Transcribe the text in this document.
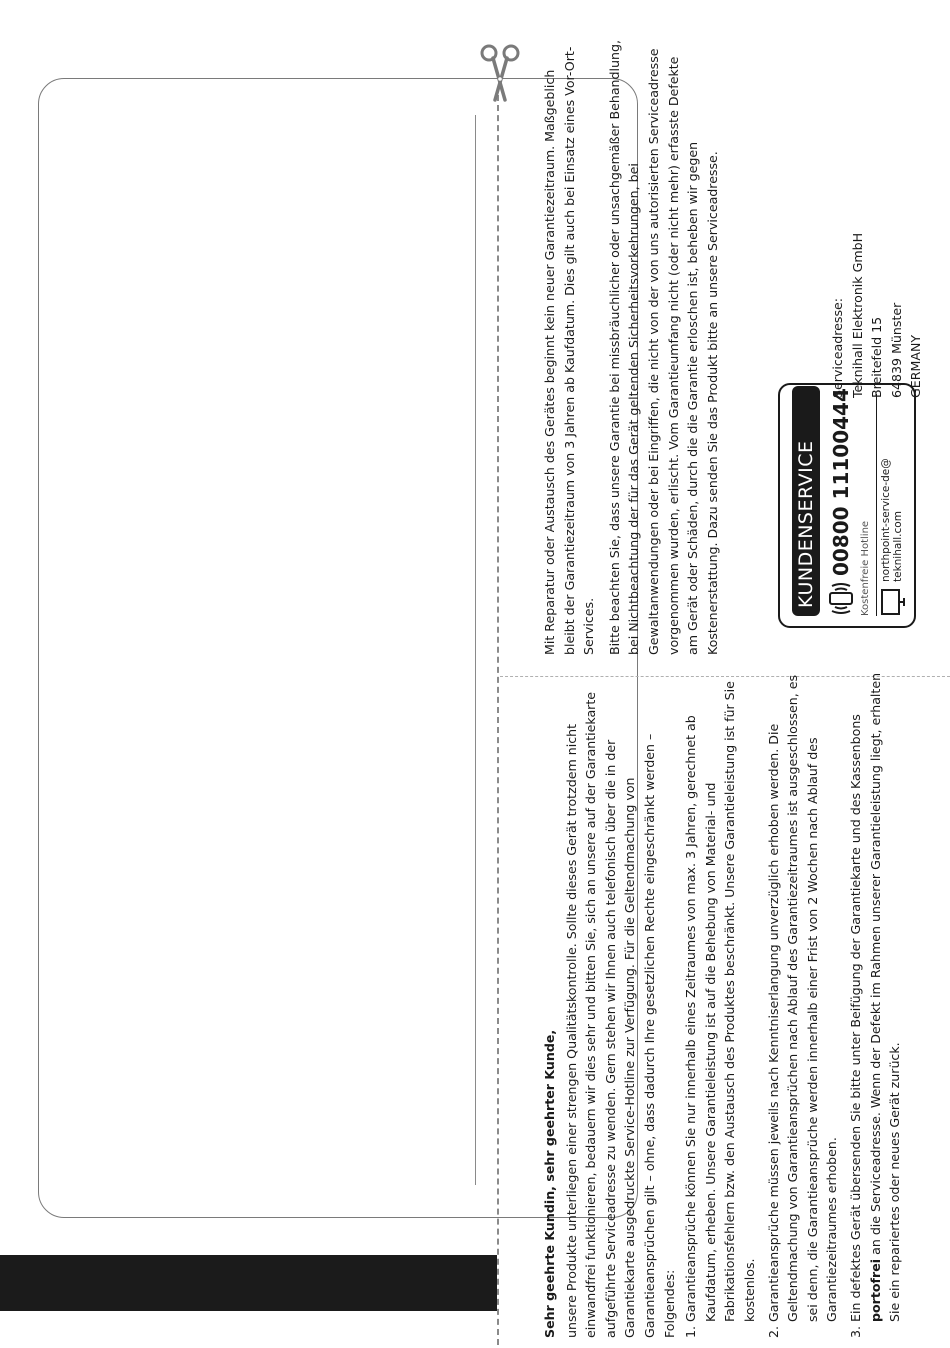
Sehr geehrte Kundin, sehr geehrter Kunde, unsere Produkte unterliegen einer strengen Qualitätskontrolle. Sollte dieses Gerät trotzdem nicht einwandfrei funktionieren, bedauern wir dies sehr und bitten Sie, sich an unsere auf der Garantiekarte aufgeführte Serviceadresse zu wenden. Gern stehen wir Ihnen auch telefonisch über die in der Garantiekarte ausgedruckte Service-Hotline zur Verfügung. Für die Geltendmachung von Garantieansprüchen gilt – ohne, dass dadurch Ihre gesetzlichen Rechte eingeschränkt werden – Folgendes: 1. Garantieansprüche können Sie nur innerhalb eines Zeitraumes von max. 3 Jahren, gerechnet ab Kaufdatum, erheben. Unsere Garantieleistung ist auf die Behebung von Material- und Fabrikationsfehlern bzw. den Austausch des Produktes beschränkt. Unsere Garantieleistung ist für Sie kostenlos. 2. Garantieansprüche müssen jeweils nach Kenntniserlangung unverzüglich erhoben werden. Die Geltendmachung von Garantieansprüchen nach Ablauf des Garantiezeitraumes ist ausgeschlossen, es sei denn, die Garantieansprüche werden innerhalb einer Frist von 2 Wochen nach Ablauf des Garantiezeitraumes erhoben. 3. Ein defektes Gerät übersenden Sie bitte unter Beifügung der Garantiekarte und des Kassenbons portofrei an die Serviceadresse. Wenn der Defekt im Rahmen unserer Garantieleistung liegt, erhalten Sie ein repariertes oder neues Gerät zurück.

Mit Reparatur oder Austausch des Gerätes beginnt kein neuer Garantiezeitraum. Maßgeblich bleibt der Garantiezeitraum von 3 Jahren ab Kaufdatum. Dies gilt auch bei Einsatz eines Vor-Ort-Services. Bitte beachten Sie, dass unsere Garantie bei missbräuchlicher oder unsachgemäßer Behandlung, bei Nichtbeachtung der für das Gerät geltenden Sicherheitsvorkehrungen, bei Gewaltanwendungen oder bei Eingriffen, die nicht von der von uns autorisierten Serviceadresse vorgenommen wurden, erlischt. Vom Garantieumfang nicht (oder nicht mehr) erfasste Defekte am Gerät oder Schäden, durch die die Garantie erloschen ist, beheben wir gegen Kostenerstattung. Dazu senden Sie das Produkt bitte an unsere Serviceadresse.	KUNDENSERVICE 00800 11100444 Kostenfreie Hotline northpoint-service-de@
teknihall.com
Serviceadresse: Teknihall Elektronik GmbH Breitefeld 15 64839 Münster GERMANY
